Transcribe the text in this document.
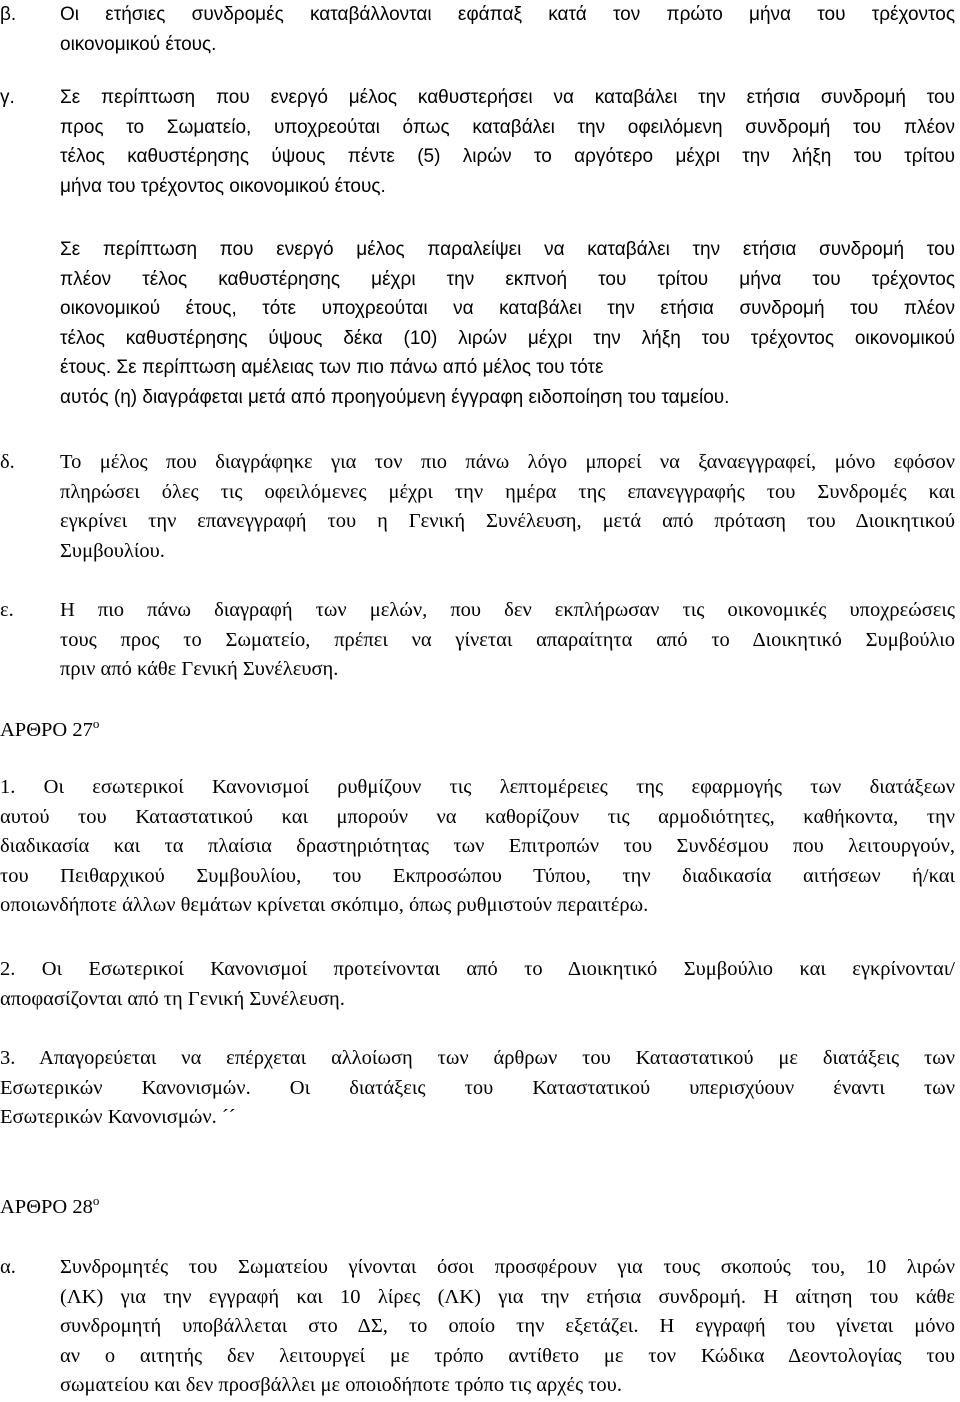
β. Οι ετήσιες συνδρομές καταβάλλονται εφάπαξ κατά τον πρώτο μήνα του τρέχοντος
οικονομικού έτους.
γ. Σε περίπτωση που ενεργό μέλος καθυστερήσει να καταβάλει την ετήσια συνδρομή του
προς το Σωματείο, υποχρεούται όπως καταβάλει την οφειλόμενη συνδρομή του πλέον
τέλος καθυστέρησης ύψους πέντε (5) λιρών το αργότερο μέχρι την λήξη του τρίτου
μήνα του τρέχοντος οικονομικού έτους.
Σε περίπτωση που ενεργό μέλος παραλείψει να καταβάλει την ετήσια συνδρομή του
πλέον τέλος καθυστέρησης μέχρι την εκπνοή του τρίτου μήνα του τρέχοντος
οικονομικού έτους, τότε υποχρεούται να καταβάλει την ετήσια συνδρομή του πλέον
τέλος καθυστέρησης ύψους δέκα (10) λιρών μέχρι την λήξη του τρέχοντος οικονομικού
έτους. Σε περίπτωση αμέλειας των πιο πάνω από μέλος του τότε
αυτός (η) διαγράφεται μετά από προηγούμενη έγγραφη ειδοποίηση του ταμείου.
δ. Το μέλος που διαγράφηκε για τον πιο πάνω λόγο μπορεί να ξαναεγγραφεί, μόνο εφόσον
πληρώσει όλες τις οφειλόμενες μέχρι την ημέρα της επανεγγραφής του Συνδρομές και
εγκρίνει την επανεγγραφή του η Γενική Συνέλευση, μετά από πρόταση του Διοικητικού
Συμβουλίου.
ε. Η πιο πάνω διαγραφή των μελών, που δεν εκπλήρωσαν τις οικονομικές υποχρεώσεις
τους προς το Σωματείο, πρέπει να γίνεται απαραίτητα από το Διοικητικό Συμβούλιο
πριν από κάθε Γενική Συνέλευση.
ΑΡΘΡΟ $27^o$
1. Οι εσωτερικοί Κανονισμοί ρυθμίζουν τις λεπτομέρειες της εφαρμογής των διατάξεων
αυτού του Καταστατικού και μπορούν να καθορίζουν τις αρμοδιότητες, καθήκοντα, την
διαδικασία και τα πλαίσια δραστηριότητας των Επιτροπών του Συνδέσμου που λειτουργούν,
του Πειθαρχικού Συμβουλίου, του Εκπροσώπου Τύπου, την διαδικασία αιτήσεων ή/και
οποιωνδήποτε άλλων θεμάτων κρίνεται σκόπιμο, όπως ρυθμιστούν περαιτέρω.
2. Οι Εσωτερικοί Κανονισμοί προτείνονται από το Διοικητικό Συμβούλιο και εγκρίνονται/
αποφασίζονται από τη Γενική Συνέλευση.
3. Απαγορεύεται να επέρχεται αλλοίωση των άρθρων του Καταστατικού με διατάξεις των
Εσωτερικών Κανονισμών. Οι διατάξεις του Καταστατικού υπερισχύουν έναντι των
Εσωτερικών Κανονισμών. ´´
ΑΡΘΡΟ $28^o$
α. Συνδρομητές του Σωματείου γίνονται όσοι προσφέρουν για τους σκοπούς του, 10 λιρών
(ΛΚ) για την εγγραφή και 10 λίρες (ΛΚ) για την ετήσια συνδρομή. Η αίτηση του κάθε
συνδρομητή υποβάλλεται στο ΔΣ, το οποίο την εξετάζει. Η εγγραφή του γίνεται μόνο
αν ο αιτητής δεν λειτουργεί με τρόπο αντίθετο με τον Κώδικα Δεοντολογίας του
σωματείου και δεν προσβάλλει με οποιοδήποτε τρόπο τις αρχές του.
